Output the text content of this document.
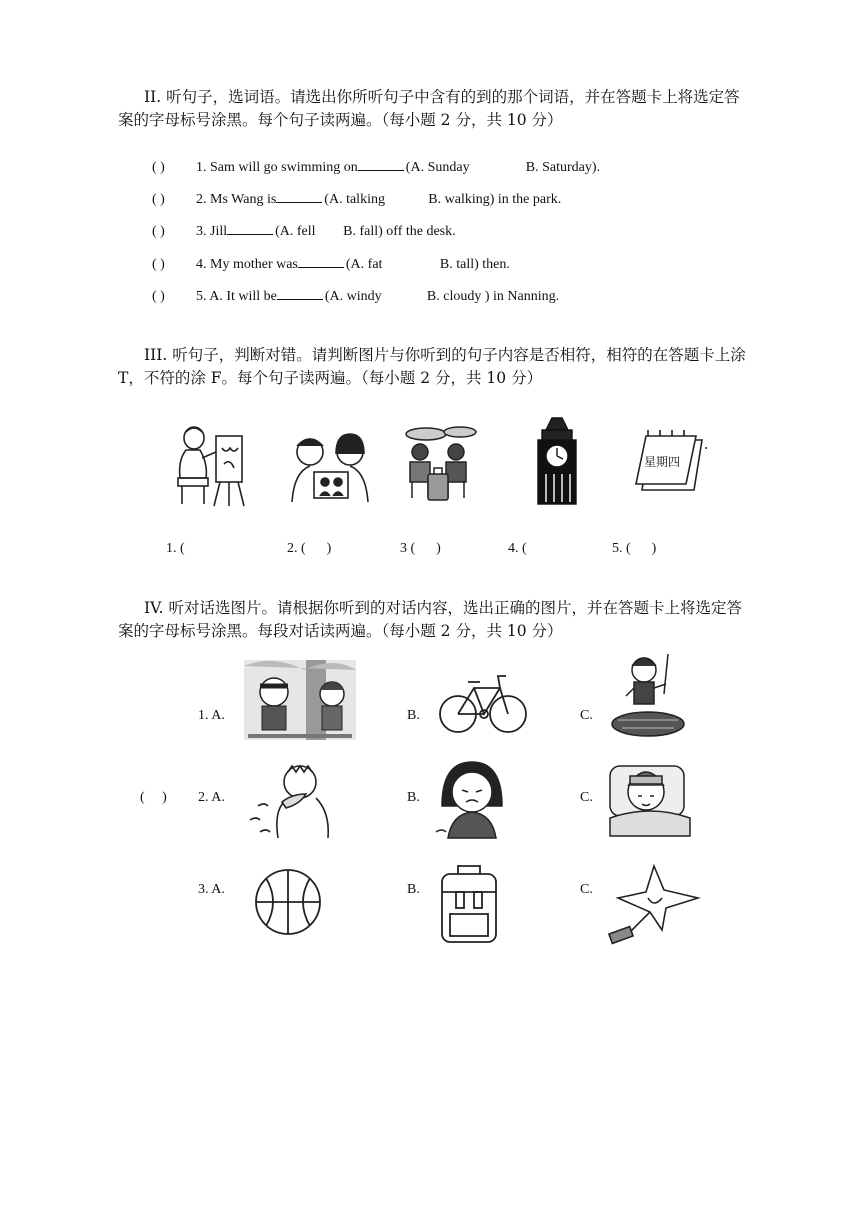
II. 听句子，选词语。请选出你所听句子中含有的到的那个词语，并在答题卡上将选定答案的字母标号涂黑。每个句子读两遍。（每小题 2 分，共 10 分）

( ) 1. Sam will go swimming on	(A. Sunday	B. Saturday).
( ) 2. Ms Wang is	(A. talking	B. walking) in the park.
( ) 3. Jill	(A. fell B. fall) off the desk.
( ) 4. My mother was	(A. fat	B. tall) then.
( ) 5. A. It will be	(A. windy	B. cloudy ) in Nanning.

III. 听句子，判断对错。请判断图片与你听到的句子内容是否相符，相符的在答题卡上涂 T，不符的涂 F。每个句子读两遍。（每小题 2 分，共 10 分）

星期四
1. (	2. (      )	3 (      )	4. (	5. (      )

IV. 听对话选图片。请根据你听到的对话内容，选出正确的图片，并在答题卡上将选定答案的字母标号涂黑。每段对话读两遍。（每小题 2 分，共 10 分）

(     )
1. A.	B.	C.
2. A.	B.	C.
3. A.	B.	C.
